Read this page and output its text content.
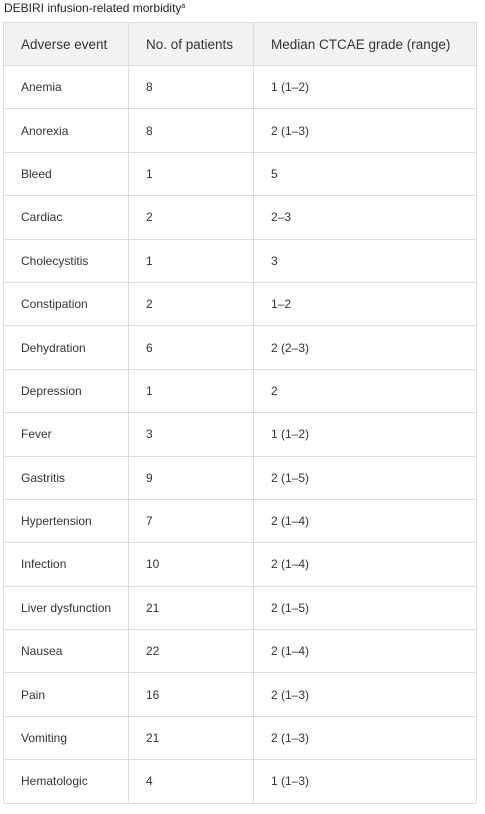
DEBIRI infusion-related morbidity$^a$
Adverse event	No. of patients	Median CTCAE grade (range)
Anemia	8	1 (1–2)
Anorexia	8	2 (1–3)
Bleed	1	5
Cardiac	2	2–3
Cholecystitis	1	3
Constipation	2	1–2
Dehydration	6	2 (2–3)
Depression	1	2
Fever	3	1 (1–2)
Gastritis	9	2 (1–5)
Hypertension	7	2 (1–4)
Infection	10	2 (1–4)
Liver dysfunction	21	2 (1–5)
Nausea	22	2 (1–4)
Pain	16	2 (1–3)
Vomiting	21	2 (1–3)
Hematologic	4	1 (1–3)
